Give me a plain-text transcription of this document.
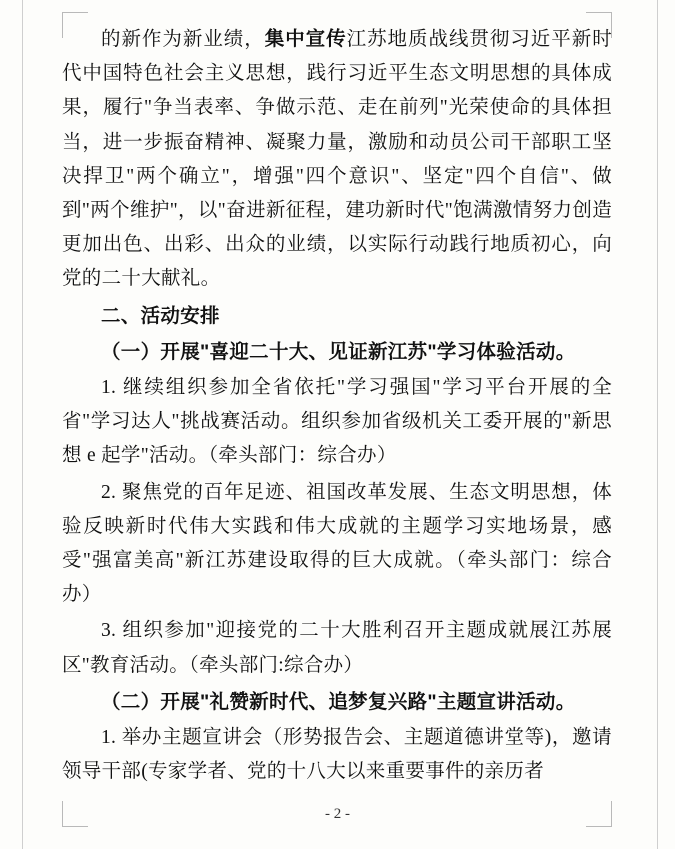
的新作为新业绩，集中宣传江苏地质战线贯彻习近平新时代中国特色社会主义思想，践行习近平生态文明思想的具体成果，履行"争当表率、争做示范、走在前列"光荣使命的具体担当，进一步振奋精神、凝聚力量，激励和动员公司干部职工坚决捍卫"两个确立"，增强"四个意识"、坚定"四个自信"、做到"两个维护"，以"奋进新征程，建功新时代"饱满激情努力创造更加出色、出彩、出众的业绩，以实际行动践行地质初心，向党的二十大献礼。

二、活动安排

（一）开展"喜迎二十大、见证新江苏"学习体验活动。

1. 继续组织参加全省依托"学习强国"学习平台开展的全省"学习达人"挑战赛活动。组织参加省级机关工委开展的"新思想 e 起学"活动。（牵头部门：综合办）

2. 聚焦党的百年足迹、祖国改革发展、生态文明思想，体验反映新时代伟大实践和伟大成就的主题学习实地场景，感受"强富美高"新江苏建设取得的巨大成就。（牵头部门：综合办）

3. 组织参加"迎接党的二十大胜利召开主题成就展江苏展区"教育活动。（牵头部门:综合办）

（二）开展"礼赞新时代、追梦复兴路"主题宣讲活动。

1. 举办主题宣讲会（形势报告会、主题道德讲堂等)，邀请领导干部(专家学者、党的十八大以来重要事件的亲历者

- 2 -
